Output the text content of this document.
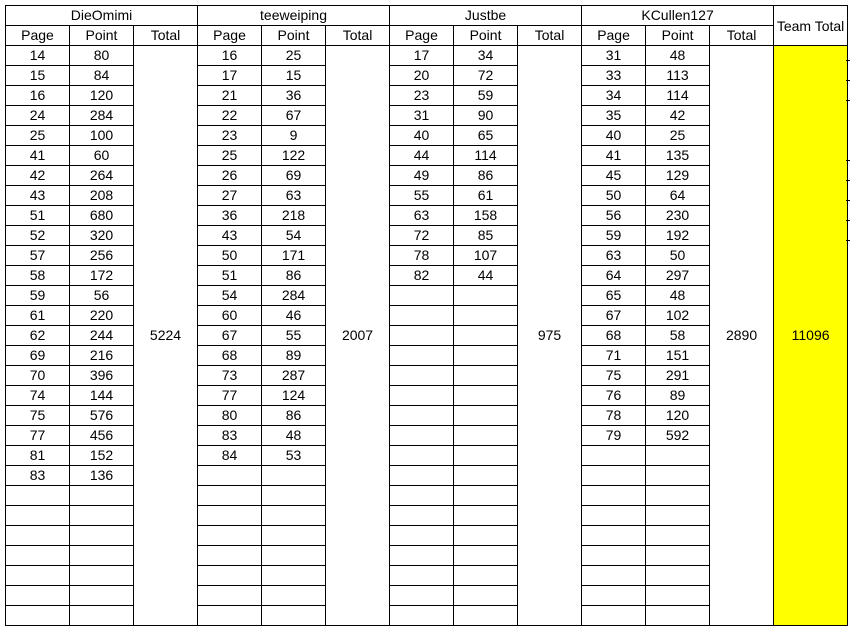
DieOmimi			teeweiping			Justbe			KCullen127			Team Total
Page	Point	Total	Page	Point	Total	Page	Point	Total	Page	Point	Total	
14	80	5224	16	25	2007	17	34	975	31	48	2890	11096
15	84		17	15		20	72		33	113		
16	120		21	36		23	59		34	114		
24	284		22	67		31	90		35	42		
25	100		23	9		40	65		40	25		
41	60		25	122		44	114		41	135		
42	264		26	69		49	86		45	129		
43	208		27	63		55	61		50	64		
51	680		36	218		63	158		56	230		
52	320		43	54		72	85		59	192		
57	256		50	171		78	107		63	50		
58	172		51	86		82	44		64	297		
59	56		54	284					65	48		
61	220		60	46					67	102		
62	244		67	55					68	58		
69	216		68	89					71	151		
70	396		73	287					75	291		
74	144		77	124					76	89		
75	576		80	86					78	120		
77	456		83	48					79	592		
81	152		84	53								
83	136											
